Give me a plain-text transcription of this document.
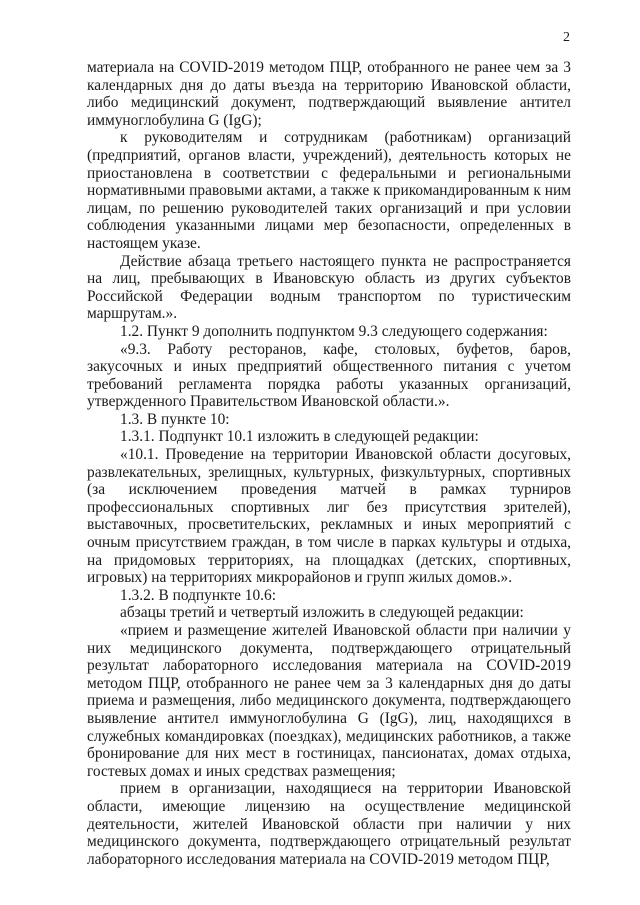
2

материала на COVID-2019 методом ПЦР, отобранного не ранее чем за 3 календарных дня до даты въезда на территорию Ивановской области, либо медицинский документ, подтверждающий выявление антител иммуноглобулина G (IgG);

к руководителям и сотрудникам (работникам) организаций (предприятий, органов власти, учреждений), деятельность которых не приостановлена в соответствии с федеральными и региональными нормативными правовыми актами, а также к прикомандированным к ним лицам, по решению руководителей таких организаций и при условии соблюдения указанными лицами мер безопасности, определенных в настоящем указе.

Действие абзаца третьего настоящего пункта не распространяется на лиц, пребывающих в Ивановскую область из других субъектов Российской Федерации водным транспортом по туристическим маршрутам.».

1.2. Пункт 9 дополнить подпунктом 9.3 следующего содержания:

«9.3. Работу ресторанов, кафе, столовых, буфетов, баров, закусочных и иных предприятий общественного питания с учетом требований регламента порядка работы указанных организаций, утвержденного Правительством Ивановской области.».

1.3. В пункте 10:

1.3.1. Подпункт 10.1 изложить в следующей редакции:

«10.1. Проведение на территории Ивановской области досуговых, развлекательных, зрелищных, культурных, физкультурных, спортивных (за исключением проведения матчей в рамках турниров профессиональных спортивных лиг без присутствия зрителей), выставочных, просветительских, рекламных и иных мероприятий с очным присутствием граждан, в том числе в парках культуры и отдыха, на придомовых территориях, на площадках (детских, спортивных, игровых) на территориях микрорайонов и групп жилых домов.».

1.3.2. В подпункте 10.6:

абзацы третий и четвертый изложить в следующей редакции:

«прием и размещение жителей Ивановской области при наличии у них медицинского документа, подтверждающего отрицательный результат лабораторного исследования материала на COVID-2019 методом ПЦР, отобранного не ранее чем за 3 календарных дня до даты приема и размещения, либо медицинского документа, подтверждающего выявление антител иммуноглобулина G (IgG), лиц, находящихся в служебных командировках (поездках), медицинских работников, а также бронирование для них мест в гостиницах, пансионатах, домах отдыха, гостевых домах и иных средствах размещения;

прием в организации, находящиеся на территории Ивановской области, имеющие лицензию на осуществление медицинской деятельности, жителей Ивановской области при наличии у них медицинского документа, подтверждающего отрицательный результат лабораторного исследования материала на COVID-2019 методом ПЦР,
